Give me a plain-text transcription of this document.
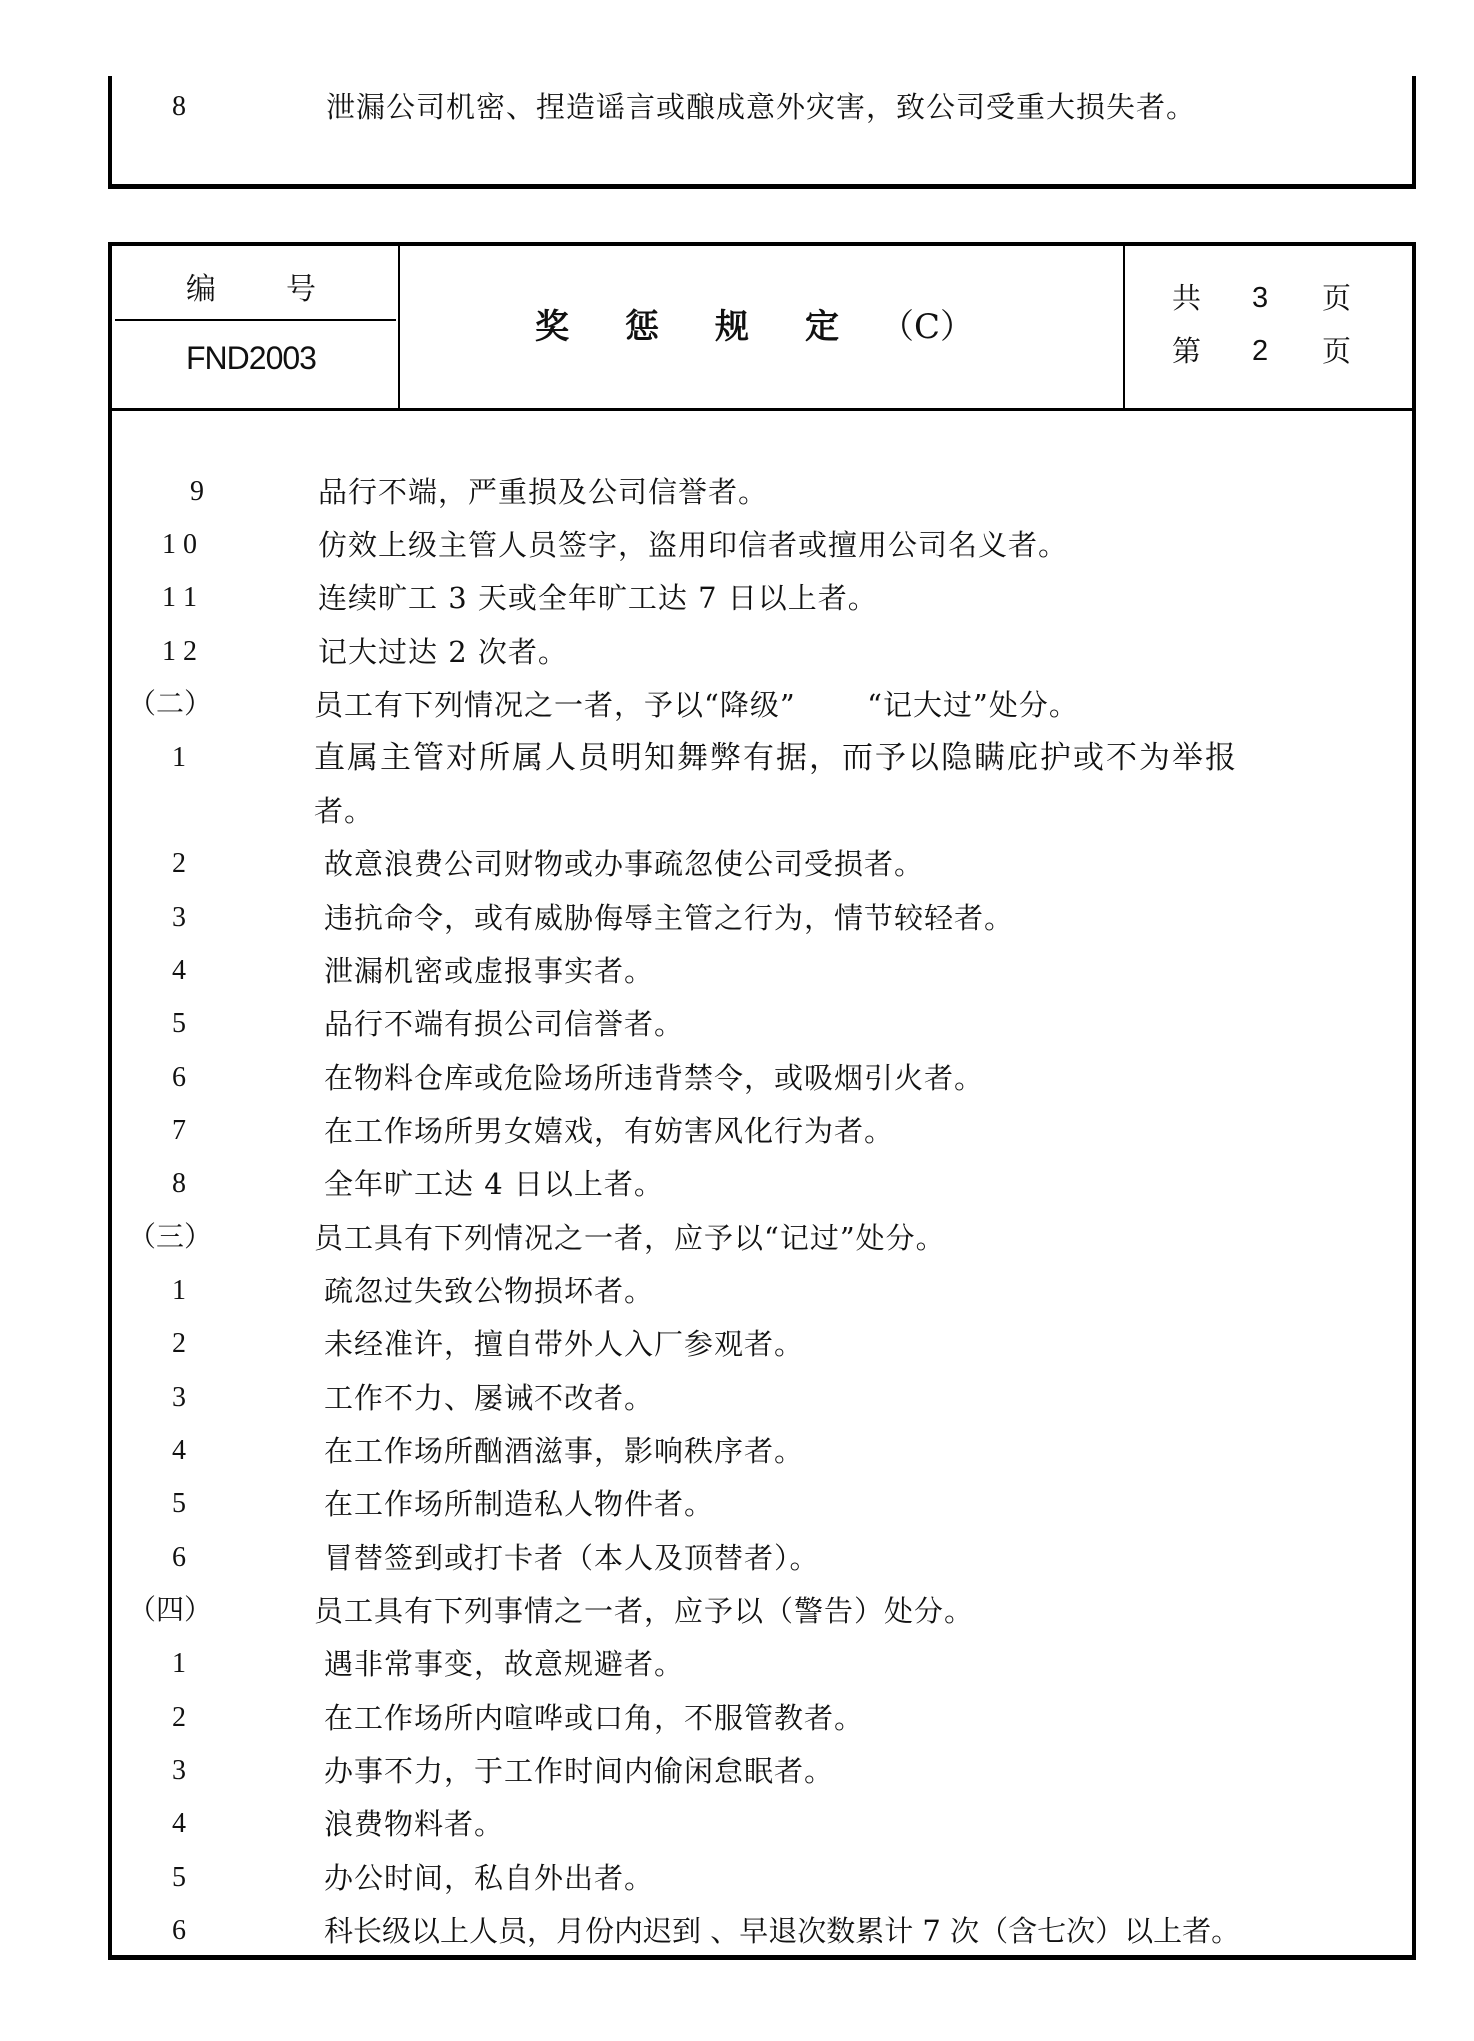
8	泄漏公司机密、捏造谣言或酿成意外灾害，致公司受重大损失者。
编 号
FND2003
奖 惩 规 定 （C）
共 3 页
第 2 页
9	品行不端，严重损及公司信誉者。
1 0	仿效上级主管人员签字，盗用印信者或擅用公司名义者。
1 1	连续旷工 3 天或全年旷工达 7 日以上者。
1 2	记大过达 2 次者。
（二）	员工有下列情况之一者，予以“降级”       “记大过”处分。
1	直属主管对所属人员明知舞弊有据，而予以隐瞒庇护或不为举报
者。
2	故意浪费公司财物或办事疏忽使公司受损者。
3	违抗命令，或有威胁侮辱主管之行为，情节较轻者。
4	泄漏机密或虚报事实者。
5	品行不端有损公司信誉者。
6	在物料仓库或危险场所违背禁令，或吸烟引火者。
7	在工作场所男女嬉戏，有妨害风化行为者。
8	全年旷工达 4 日以上者。
（三）	员工具有下列情况之一者，应予以“记过”处分。
1	疏忽过失致公物损坏者。
2	未经准许，擅自带外人入厂参观者。
3	工作不力、屡诫不改者。
4	在工作场所酗酒滋事，影响秩序者。
5	在工作场所制造私人物件者。
6	冒替签到或打卡者（本人及顶替者）。
（四）	员工具有下列事情之一者，应予以（警告）处分。
1	遇非常事变，故意规避者。
2	在工作场所内喧哗或口角，不服管教者。
3	办事不力，于工作时间内偷闲怠眠者。
4	浪费物料者。
5	办公时间，私自外出者。
6	科长级以上人员，月份内迟到 、早退次数累计 7 次（含七次）以上者。
